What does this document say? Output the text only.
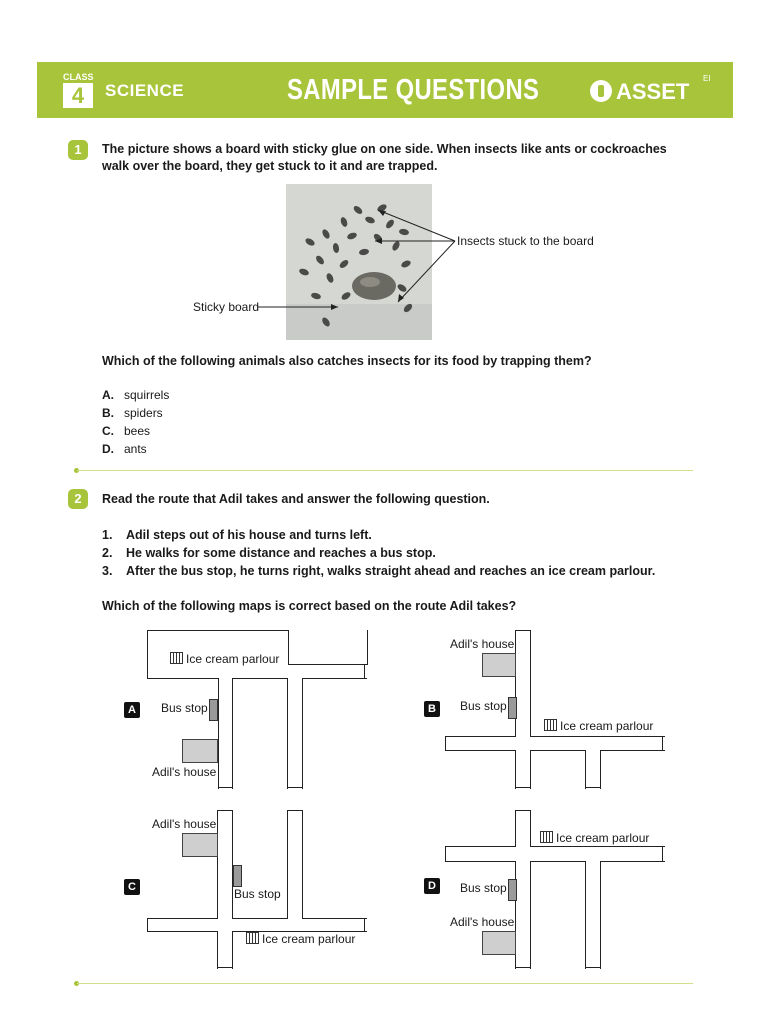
CLASS
4	SCIENCE	SAMPLE QUESTIONS	ASSET
EI
1	The picture shows a board with sticky glue on one side. When insects like ants or cockroaches walk over the board, they get stuck to it and are trapped.
Insects stuck to the board
Sticky board
Which of the following animals also catches insects for its food by trapping them?
A. squirrels
B. spiders
C. bees
D. ants
2	Read the route that Adil takes and answer the following question.
1. Adil steps out of his house and turns left.
2. He walks for some distance and reaches a bus stop.
3. After the bus stop, he turns right, walks straight ahead and reaches an ice cream parlour.
Which of the following maps is correct based on the route Adil takes?
A
Ice cream parlour
Bus stop
Adil's house
B
Adil's house
Bus stop
Ice cream parlour
C
Adil's house
Bus stop
Ice cream parlour
D
Ice cream parlour
Bus stop
Adil's house
